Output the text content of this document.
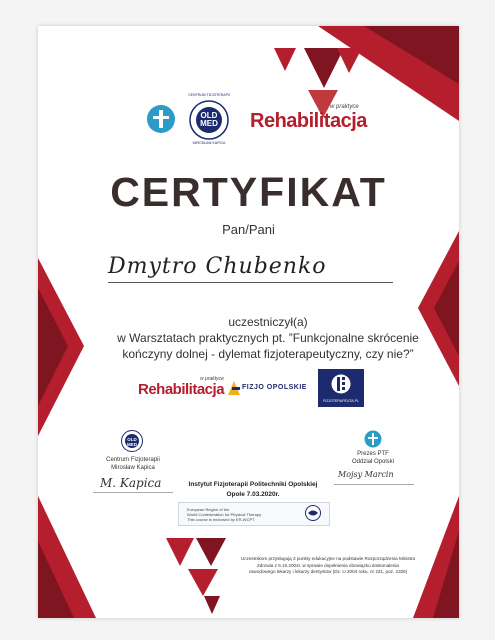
OLD MED
CENTRUM FIZJOTERAPII
MIROSŁAW KAPICA
Rehabilitacja
w praktyce
CERTYFIKAT
Pan/Pani
Dmytro Chubenko
uczestniczył(a)
w Warsztatach praktycznych pt. ”Funkcjonalne skrócenie
kończyny dolnej - dylemat fizjoterapeutyczny, czy nie?”
Rehabilitacja
w praktyce
FIZJO OPOLSKIE
FIZJOTERAPEUTA.PL
OLD MED
Centrum Fizjoterapii
Mirosław Kapica
M. Kapica	Instytut Fizjoterapii Politechniki Opolskiej
Opole 7.03.2020r.
European Region of the
World Confederation for Physical Therapy
This course is endorsed by ER-WCPT
Prezes PTF
Oddział Opolski
Mojsy Marcin
Uczestnikom przysługują 3 punkty edukacyjne na podstawie Rozporządzenia Ministra
Zdrowia z 6.10.2004r. w sprawie dopełnienia obowiązku doskonalenia
zawodowego lekarzy i lekarzy dentystów (Dz. U 2004 roku, nr 231, poz. 2326)
